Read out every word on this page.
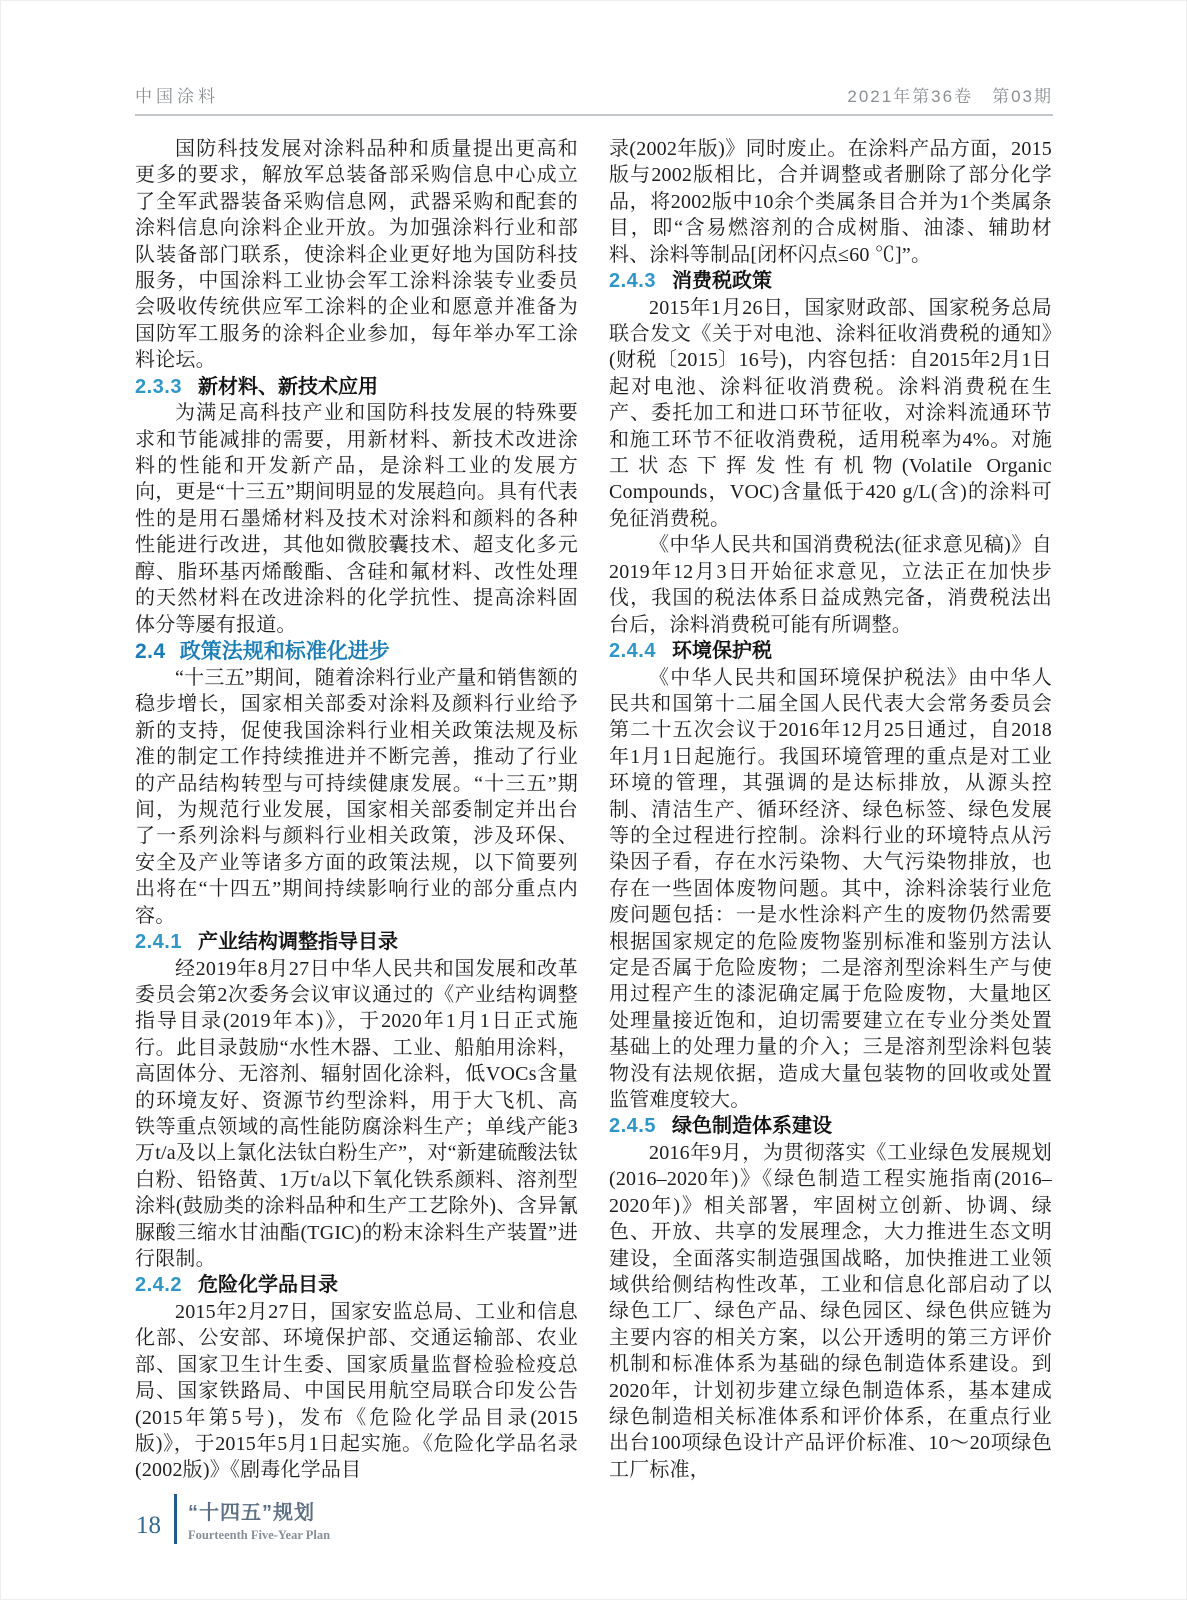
中国涂料	2021年第36卷　第03期

国防科技发展对涂料品种和质量提出更高和更多的要求，解放军总装备部采购信息中心成立了全军武器装备采购信息网，武器采购和配套的涂料信息向涂料企业开放。为加强涂料行业和部队装备部门联系，使涂料企业更好地为国防科技服务，中国涂料工业协会军工涂料涂装专业委员会吸收传统供应军工涂料的企业和愿意并准备为国防军工服务的涂料企业参加，每年举办军工涂料论坛。

2.3.3 新材料、新技术应用

为满足高科技产业和国防科技发展的特殊要求和节能减排的需要，用新材料、新技术改进涂料的性能和开发新产品，是涂料工业的发展方向，更是“十三五”期间明显的发展趋向。具有代表性的是用石墨烯材料及技术对涂料和颜料的各种性能进行改进，其他如微胶囊技术、超支化多元醇、脂环基丙烯酸酯、含硅和氟材料、改性处理的天然材料在改进涂料的化学抗性、提高涂料固体分等屡有报道。

2.4 政策法规和标准化进步

“十三五”期间，随着涂料行业产量和销售额的稳步增长，国家相关部委对涂料及颜料行业给予新的支持，促使我国涂料行业相关政策法规及标准的制定工作持续推进并不断完善，推动了行业的产品结构转型与可持续健康发展。“十三五”期间，为规范行业发展，国家相关部委制定并出台了一系列涂料与颜料行业相关政策，涉及环保、安全及产业等诸多方面的政策法规，以下简要列出将在“十四五”期间持续影响行业的部分重点内容。

2.4.1 产业结构调整指导目录

经2019年8月27日中华人民共和国发展和改革委员会第2次委务会议审议通过的《产业结构调整指导目录(2019年本)》，于2020年1月1日正式施行。此目录鼓励“水性木器、工业、船舶用涂料，高固体分、无溶剂、辐射固化涂料，低VOCs含量的环境友好、资源节约型涂料，用于大飞机、高铁等重点领域的高性能防腐涂料生产；单线产能3万t/a及以上氯化法钛白粉生产”，对“新建硫酸法钛白粉、铅铬黄、1万t/a以下氧化铁系颜料、溶剂型涂料(鼓励类的涂料品种和生产工艺除外)、含异氰脲酸三缩水甘油酯(TGIC)的粉末涂料生产装置”进行限制。

2.4.2 危险化学品目录

2015年2月27日，国家安监总局、工业和信息化部、公安部、环境保护部、交通运输部、农业部、国家卫生计生委、国家质量监督检验检疫总局、国家铁路局、中国民用航空局联合印发公告(2015年第5号)，发布《危险化学品目录(2015版)》，于2015年5月1日起实施。《危险化学品名录(2002版)》《剧毒化学品目

录(2002年版)》同时废止。在涂料产品方面，2015版与2002版相比，合并调整或者删除了部分化学品，将2002版中10余个类属条目合并为1个类属条目，即“含易燃溶剂的合成树脂、油漆、辅助材料、涂料等制品[闭杯闪点≤60 ℃]”。

2.4.3 消费税政策

2015年1月26日，国家财政部、国家税务总局联合发文《关于对电池、涂料征收消费税的通知》(财税〔2015〕16号)，内容包括：自2015年2月1日起对电池、涂料征收消费税。涂料消费税在生产、委托加工和进口环节征收，对涂料流通环节和施工环节不征收消费税，适用税率为4%。对施工状态下挥发性有机物(Volatile Organic Compounds，VOC)含量低于420 g/L(含)的涂料可免征消费税。

《中华人民共和国消费税法(征求意见稿)》自2019年12月3日开始征求意见，立法正在加快步伐，我国的税法体系日益成熟完备，消费税法出台后，涂料消费税可能有所调整。

2.4.4 环境保护税

《中华人民共和国环境保护税法》由中华人民共和国第十二届全国人民代表大会常务委员会第二十五次会议于2016年12月25日通过，自2018年1月1日起施行。我国环境管理的重点是对工业环境的管理，其强调的是达标排放，从源头控制、清洁生产、循环经济、绿色标签、绿色发展等的全过程进行控制。涂料行业的环境特点从污染因子看，存在水污染物、大气污染物排放，也存在一些固体废物问题。其中，涂料涂装行业危废问题包括：一是水性涂料产生的废物仍然需要根据国家规定的危险废物鉴别标准和鉴别方法认定是否属于危险废物；二是溶剂型涂料生产与使用过程产生的漆泥确定属于危险废物，大量地区处理量接近饱和，迫切需要建立在专业分类处置基础上的处理力量的介入；三是溶剂型涂料包装物没有法规依据，造成大量包装物的回收或处置监管难度较大。

2.4.5 绿色制造体系建设

2016年9月，为贯彻落实《工业绿色发展规划(2016–2020年)》《绿色制造工程实施指南(2016–2020年)》相关部署，牢固树立创新、协调、绿色、开放、共享的发展理念，大力推进生态文明建设，全面落实制造强国战略，加快推进工业领域供给侧结构性改革，工业和信息化部启动了以绿色工厂、绿色产品、绿色园区、绿色供应链为主要内容的相关方案，以公开透明的第三方评价机制和标准体系为基础的绿色制造体系建设。到2020年，计划初步建立绿色制造体系，基本建成绿色制造相关标准体系和评价体系，在重点行业出台100项绿色设计产品评价标准、10～20项绿色工厂标准，

18 “十四五”规划
Fourteenth Five-Year Plan
